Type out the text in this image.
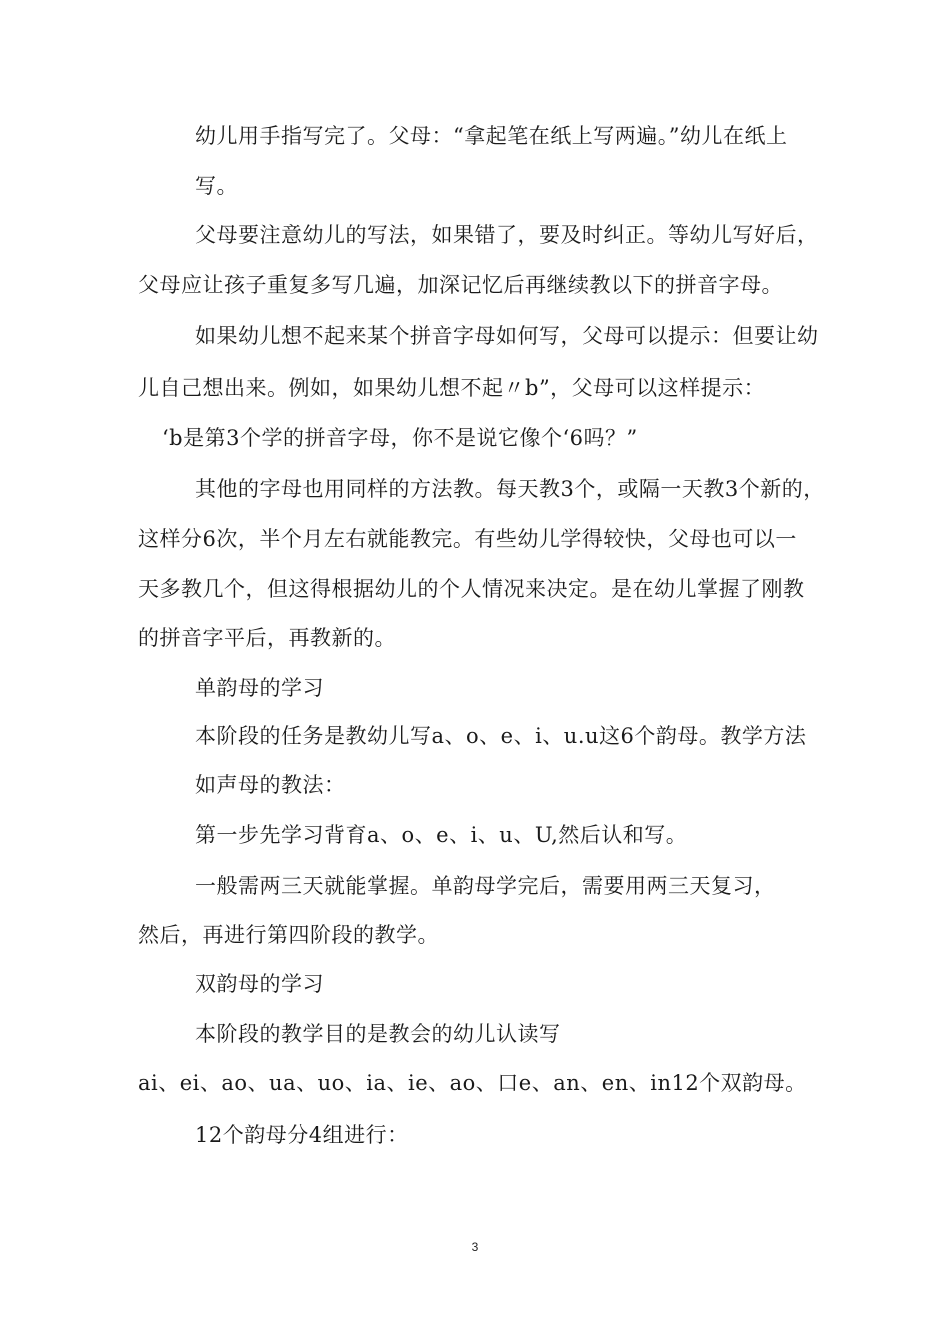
幼儿用手指写完了。父母：“拿起笔在纸上写两遍。”幼儿在纸上
写。
父母要注意幼儿的写法，如果错了，要及时纠正。等幼儿写好后，
父母应让孩子重复多写几遍，加深记忆后再继续教以下的拼音字母。
如果幼儿想不起来某个拼音字母如何写，父母可以提示：但要让幼
儿自己想出来。例如，如果幼儿想不起〃b”，父母可以这样提示：
‘b是第3个学的拼音字母，你不是说它像个‘6吗？”
其他的字母也用同样的方法教。每天教3个，或隔一天教3个新的，
这样分6次，半个月左右就能教完。有些幼儿学得较快，父母也可以一
天多教几个，但这得根据幼儿的个人情况来决定。是在幼儿掌握了刚教
的拼音字平后，再教新的。
单韵母的学习
本阶段的任务是教幼儿写a、o、e、i、u.u这6个韵母。教学方法
如声母的教法：
第一步先学习背育a、o、e、i、u、U,然后认和写。
一般需两三天就能掌握。单韵母学完后，需要用两三天复习，
然后，再进行第四阶段的教学。
双韵母的学习
本阶段的教学目的是教会的幼儿认读写
ai、ei、ao、ua、uo、ia、ie、ao、口e、an、en、in12个双韵母。
12个韵母分4组进行：
3
